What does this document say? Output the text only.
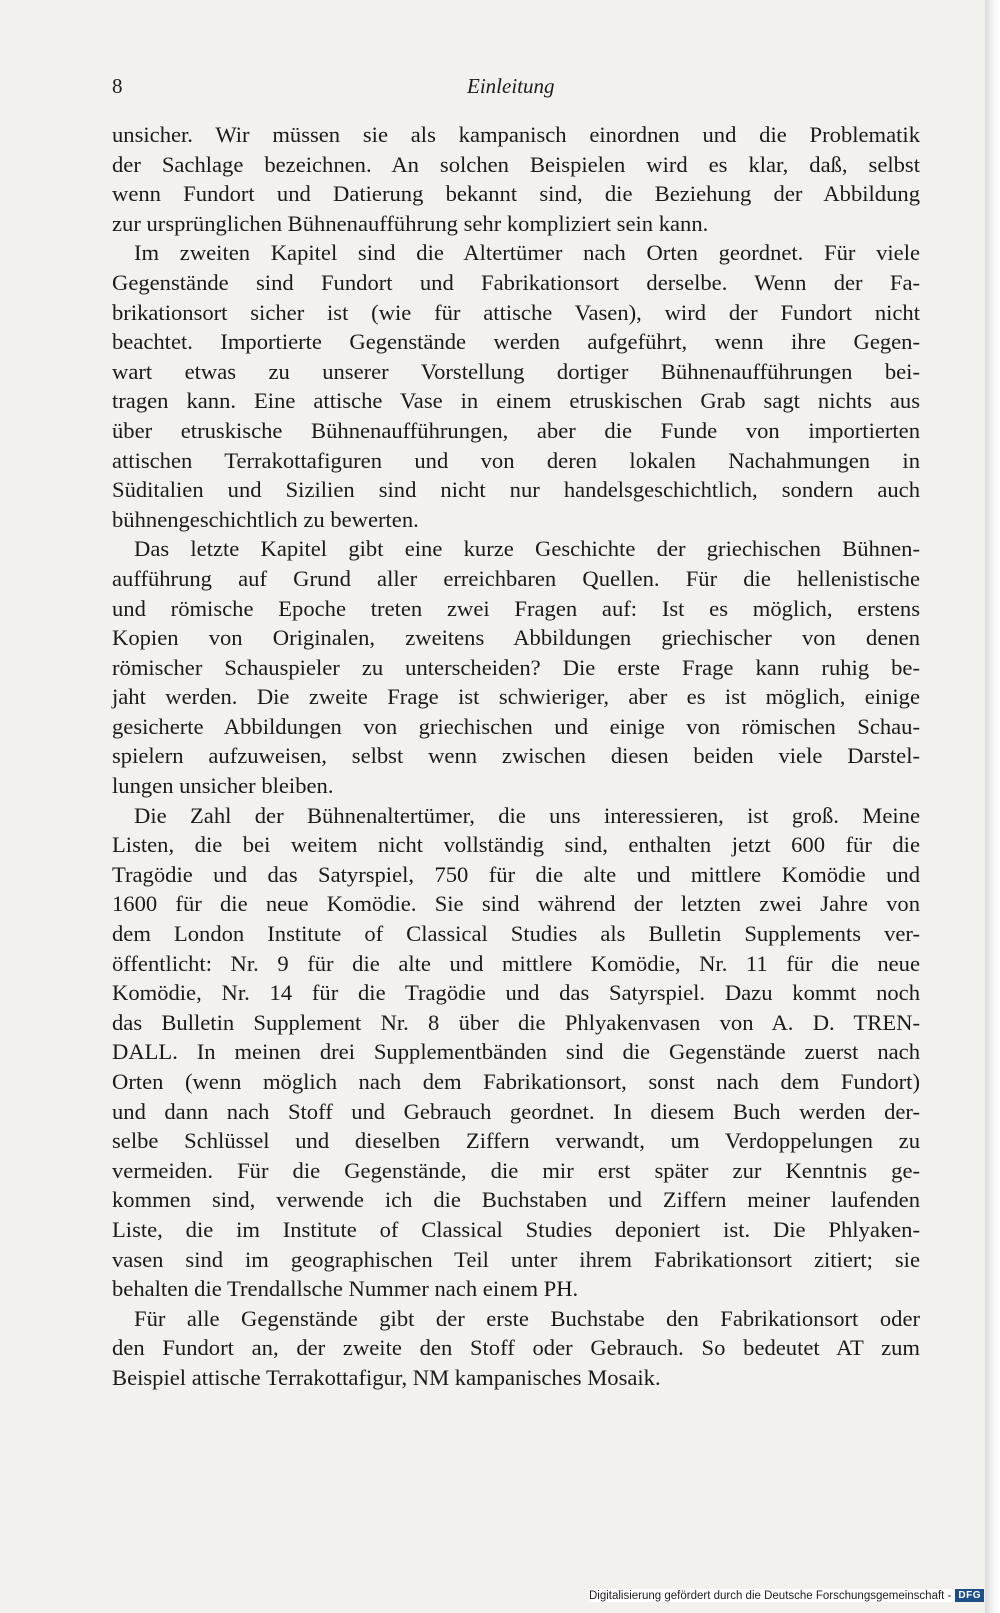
8	Einleitung
unsicher. Wir müssen sie als kampanisch einordnen und die Problematik
der Sachlage bezeichnen. An solchen Beispielen wird es klar, daß, selbst
wenn Fundort und Datierung bekannt sind, die Beziehung der Abbildung
zur ursprünglichen Bühnenaufführung sehr kompliziert sein kann.
Im zweiten Kapitel sind die Altertümer nach Orten geordnet. Für viele
Gegenstände sind Fundort und Fabrikationsort derselbe. Wenn der Fa-
brikationsort sicher ist (wie für attische Vasen), wird der Fundort nicht
beachtet. Importierte Gegenstände werden aufgeführt, wenn ihre Gegen-
wart etwas zu unserer Vorstellung dortiger Bühnenaufführungen bei-
tragen kann. Eine attische Vase in einem etruskischen Grab sagt nichts aus
über etruskische Bühnenaufführungen, aber die Funde von importierten
attischen Terrakottafiguren und von deren lokalen Nachahmungen in
Süditalien und Sizilien sind nicht nur handelsgeschichtlich, sondern auch
bühnengeschichtlich zu bewerten.
Das letzte Kapitel gibt eine kurze Geschichte der griechischen Bühnen-
aufführung auf Grund aller erreichbaren Quellen. Für die hellenistische
und römische Epoche treten zwei Fragen auf: Ist es möglich, erstens
Kopien von Originalen, zweitens Abbildungen griechischer von denen
römischer Schauspieler zu unterscheiden? Die erste Frage kann ruhig be-
jaht werden. Die zweite Frage ist schwieriger, aber es ist möglich, einige
gesicherte Abbildungen von griechischen und einige von römischen Schau-
spielern aufzuweisen, selbst wenn zwischen diesen beiden viele Darstel-
lungen unsicher bleiben.
Die Zahl der Bühnenaltertümer, die uns interessieren, ist groß. Meine
Listen, die bei weitem nicht vollständig sind, enthalten jetzt 600 für die
Tragödie und das Satyrspiel, 750 für die alte und mittlere Komödie und
1600 für die neue Komödie. Sie sind während der letzten zwei Jahre von
dem London Institute of Classical Studies als Bulletin Supplements ver-
öffentlicht: Nr. 9 für die alte und mittlere Komödie, Nr. 11 für die neue
Komödie, Nr. 14 für die Tragödie und das Satyrspiel. Dazu kommt noch
das Bulletin Supplement Nr. 8 über die Phlyakenvasen von A. D. TREN-
DALL. In meinen drei Supplementbänden sind die Gegenstände zuerst nach
Orten (wenn möglich nach dem Fabrikationsort, sonst nach dem Fundort)
und dann nach Stoff und Gebrauch geordnet. In diesem Buch werden der-
selbe Schlüssel und dieselben Ziffern verwandt, um Verdoppelungen zu
vermeiden. Für die Gegenstände, die mir erst später zur Kenntnis ge-
kommen sind, verwende ich die Buchstaben und Ziffern meiner laufenden
Liste, die im Institute of Classical Studies deponiert ist. Die Phlyaken-
vasen sind im geographischen Teil unter ihrem Fabrikationsort zitiert; sie
behalten die Trendallsche Nummer nach einem PH.
Für alle Gegenstände gibt der erste Buchstabe den Fabrikationsort oder
den Fundort an, der zweite den Stoff oder Gebrauch. So bedeutet AT zum
Beispiel attische Terrakottafigur, NM kampanisches Mosaik.
Digitalisierung gefördert durch die Deutsche Forschungsgemeinschaft - DFG
